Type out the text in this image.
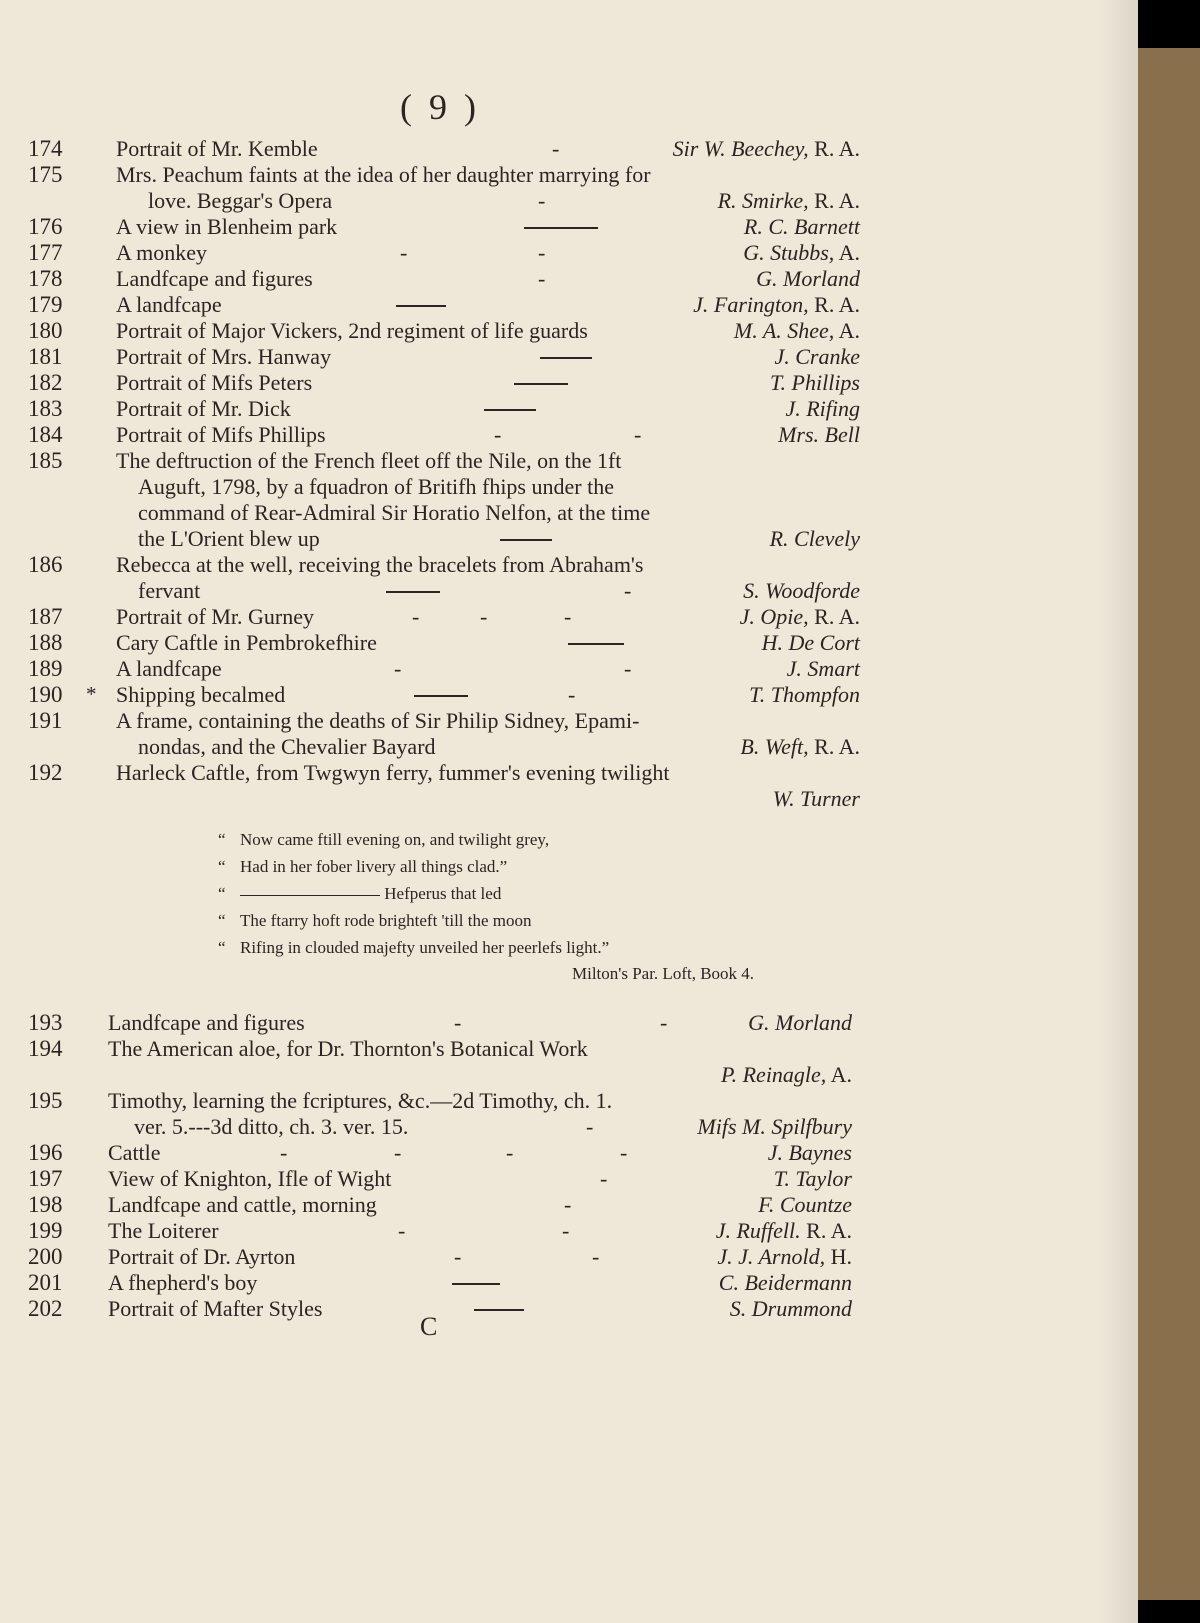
( 9 )
174 Portrait of Mr. Kemble	-	Sir W. Beechey, R. A.
175 Mrs. Peachum faints at the idea of her daughter marrying for
love. Beggar's Opera	-	R. Smirke, R. A.
176 A view in Blenheim park	R. C. Barnett
177 A monkey	-	-	G. Stubbs, A.
178 Landfcape and figures	-	G. Morland
179 A landfcape	J. Farington, R. A.
180 Portrait of Major Vickers, 2nd regiment of life guards	M. A. Shee, A.
181 Portrait of Mrs. Hanway	J. Cranke
182 Portrait of Mifs Peters	T. Phillips
183 Portrait of Mr. Dick	J. Rifing
184 Portrait of Mifs Phillips	-	-	Mrs. Bell
185 The deftruction of the French fleet off the Nile, on the 1ft
Auguft, 1798, by a fquadron of Britifh fhips under the
command of Rear-Admiral Sir Horatio Nelfon, at the time
the L'Orient blew up	R. Clevely
186 Rebecca at the well, receiving the bracelets from Abraham's
fervant	-	S. Woodforde
187 Portrait of Mr. Gurney	-	-	-	J. Opie, R. A.
188 Cary Caftle in Pembrokefhire	H. De Cort
189 A landfcape	-	-	J. Smart
190 * Shipping becalmed	-	T. Thompfon
191 A frame, containing the deaths of Sir Philip Sidney, Epami-
nondas, and the Chevalier Bayard	B. Weft, R. A.
192 Harleck Caftle, from Twgwyn ferry, fummer's evening twilight
W. Turner
“ Now came ftill evening on, and twilight grey,
“ Had in her fober livery all things clad.”
“	Hefperus that led
“ The ftarry hoft rode brighteft 'till the moon
“ Rifing in clouded majefty unveiled her peerlefs light.”
Milton's Par. Loft, Book 4.
193 Landfcape and figures	-	-	G. Morland
194 The American aloe, for Dr. Thornton's Botanical Work
P. Reinagle, A.
195 Timothy, learning the fcriptures, &c.—2d Timothy, ch. 1.
ver. 5.---3d ditto, ch. 3. ver. 15.	-	Mifs M. Spilfbury
196 Cattle	-	-	-	-	J. Baynes
197 View of Knighton, Ifle of Wight	-	T. Taylor
198 Landfcape and cattle, morning	-	F. Countze
199 The Loiterer	-	-	J. Ruffell. R. A.
200 Portrait of Dr. Ayrton	-	-	J. J. Arnold, H.
201 A fhepherd's boy	C. Beidermann
202 Portrait of Mafter Styles	S. Drummond
C
